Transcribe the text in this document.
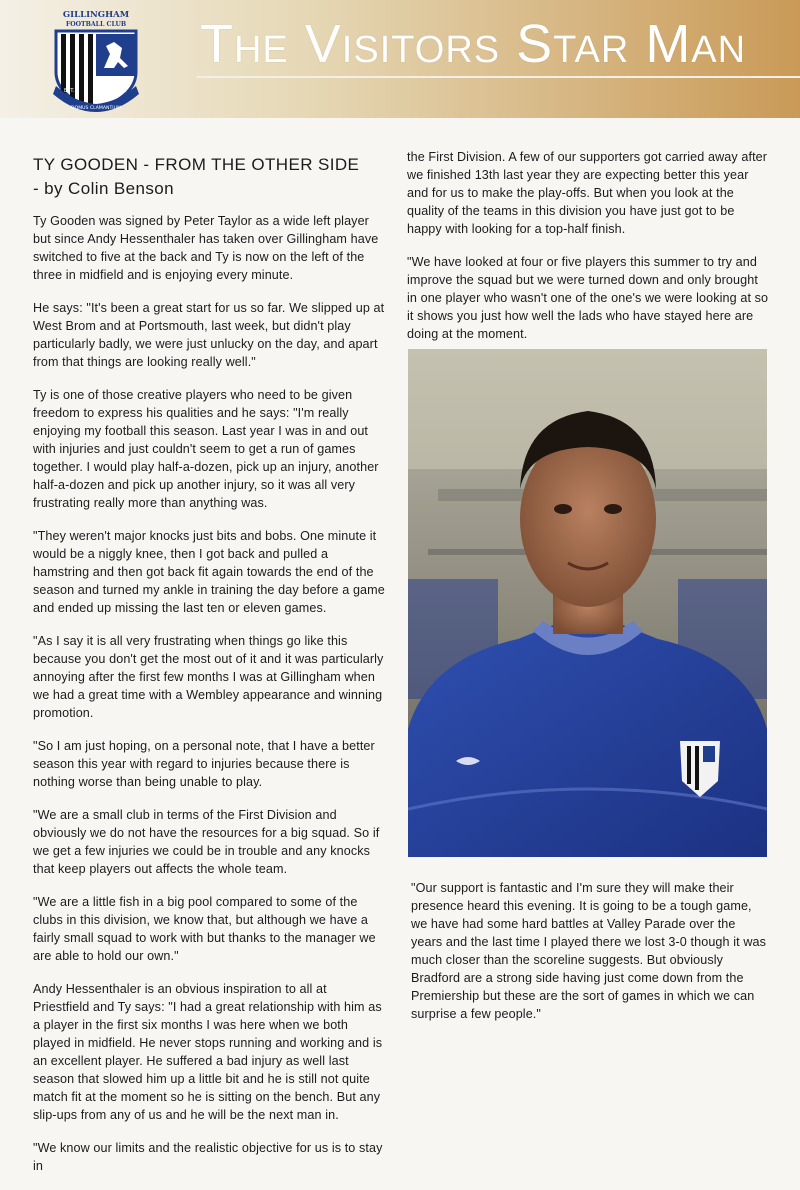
The Visitors Star Man
GILLINGHAM
FOOTBALL CLUB
EST.	1893
DOMUS CLAMANTIUM
TY GOODEN - FROM THE OTHER SIDE
- by Colin Benson

Ty Gooden was signed by Peter Taylor as a wide left player but since Andy Hessenthaler has taken over Gillingham have switched to five at the back and Ty is now on the left of the three in midfield and is enjoying every minute.

He says: "It's been a great start for us so far. We slipped up at West Brom and at Portsmouth, last week, but didn't play particularly badly, we were just unlucky on the day, and apart from that things are looking really well."

Ty is one of those creative players who need to be given freedom to express his qualities and he says: "I'm really enjoying my football this season. Last year I was in and out with injuries and just couldn't seem to get a run of games together. I would play half-a-dozen, pick up an injury, another half-a-dozen and pick up another injury, so it was all very frustrating really more than anything was.

"They weren't major knocks just bits and bobs. One minute it would be a niggly knee, then I got back and pulled a hamstring and then got back fit again towards the end of the season and turned my ankle in training the day before a game and ended up missing the last ten or eleven games.

"As I say it is all very frustrating when things go like this because you don't get the most out of it and it was particularly annoying after the first few months I was at Gillingham when we had a great time with a Wembley appearance and winning promotion.

"So I am just hoping, on a personal note, that I have a better season this year with regard to injuries because there is nothing worse than being unable to play.

"We are a small club in terms of the First Division and obviously we do not have the resources for a big squad. So if we get a few injuries we could be in trouble and any knocks that keep players out affects the whole team.

"We are a little fish in a big pool compared to some of the clubs in this division, we know that, but although we have a fairly small squad to work with but thanks to the manager we are able to hold our own."

Andy Hessenthaler is an obvious inspiration to all at Priestfield and Ty says: "I had a great relationship with him as a player in the first six months I was here when we both played in midfield. He never stops running and working and is an excellent player. He suffered a bad injury as well last season that slowed him up a little bit and he is still not quite match fit at the moment so he is sitting on the bench. But any slip-ups from any of us and he will be the next man in.

"We know our limits and the realistic objective for us is to stay in

the First Division. A few of our supporters got carried away after we finished 13th last year they are expecting better this year and for us to make the play-offs. But when you look at the quality of the teams in this division you have just got to be happy with looking for a top-half finish.

"We have looked at four or five players this summer to try and improve the squad but we were turned down and only brought in one player who wasn't one of the one's we were looking at so it shows you just how well the lads who have stayed here are doing at the moment.

"Our support is fantastic and I'm sure they will make their presence heard this evening. It is going to be a tough game, we have had some hard battles at Valley Parade over the years and the last time I played there we lost 3-0 though it was much closer than the scoreline suggests. But obviously Bradford are a strong side having just come down from the Premiership but these are the sort of games in which we can surprise a few people."
